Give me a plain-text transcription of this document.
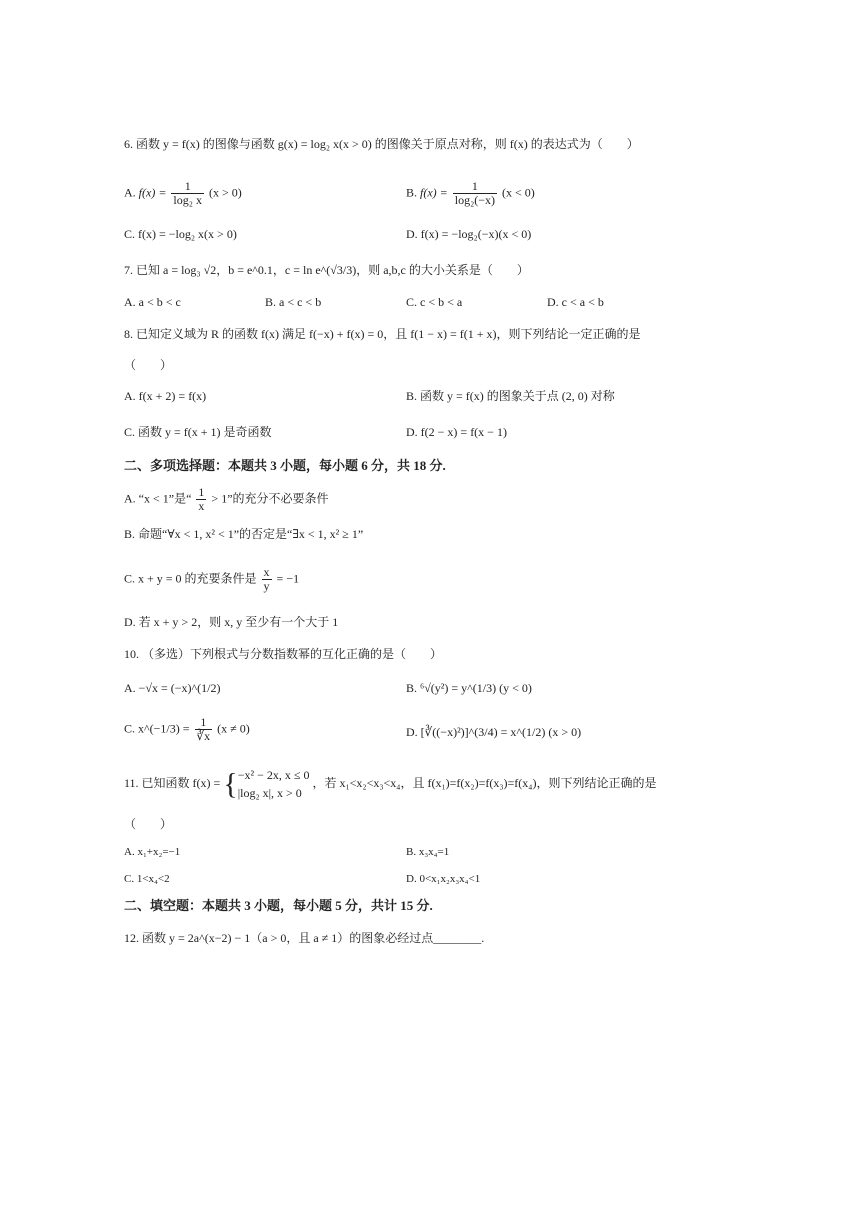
6. 函数 y = f(x) 的图像与函数 g(x) = log₂ x(x > 0) 的图像关于原点对称，则 f(x) 的表达式为（　　）
A. $f(x) = \frac{1}{\text{log₂ x}} (x > 0)$	B. $f(x) = \frac{1}{\text{log₂(−x)}} (x < 0)$
C. f(x) = −log₂ x(x > 0)	D. f(x) = −log₂(−x)(x < 0)
7. 已知 a = log₃ √2，b = e^0.1，c = ln e^(√3/3)，则 a,b,c 的大小关系是（　　）
A. a < b < c	B. a < c < b	C. c < b < a	D. c < a < b
8. 已知定义域为 R 的函数 f(x) 满足 f(−x) + f(x) = 0，且 f(1 − x) = f(1 + x)，则下列结论一定正确的是
（　　）
A. f(x + 2) = f(x)	B. 函数 y = f(x) 的图象关于点 (2, 0) 对称
C. 函数 y = f(x + 1) 是奇函数	D. f(2 − x) = f(x − 1)
二、多项选择题：本题共 3 小题，每小题 6 分，共 18 分.
A. “x < 1”是“ $\frac{1}{x} > 1$”的充分不必要条件
B. 命题“∀x < 1, x² < 1”的否定是“∃x < 1, x² ≥ 1”
C. x + y = 0 的充要条件是 $\frac{x}{y} = -1$
D. 若 x + y > 2，则 x, y 至少有一个大于 1
10. （多选）下列根式与分数指数幂的互化正确的是（　　）
A. −√x = (−x)^(1/2)	B. ⁶√(y²) = y^(1/3) (y < 0)
C. x^(−1/3) = $\frac{1}{∛x} (x \ne 0)$	D. [∛((−x)²)]^(3/4) = x^(1/2) (x > 0)
11. 已知函数 f(x) = { −x² − 2x, x ≤ 0
|log₂ x|, x > 0
，若 x₁<x₂<x₃<x₄，且 f(x₁)=f(x₂)=f(x₃)=f(x₄)，则下列结论正确的是
（　　）
A. x₁+x₂=−1	B. x₃x₄=1
C. 1<x₄<2	D. 0<x₁x₂x₃x₄<1
二、填空题：本题共 3 小题，每小题 5 分，共计 15 分.
12. 函数 y = 2a^(x−2) − 1（a > 0，且 a ≠ 1）的图象必经过点________.
